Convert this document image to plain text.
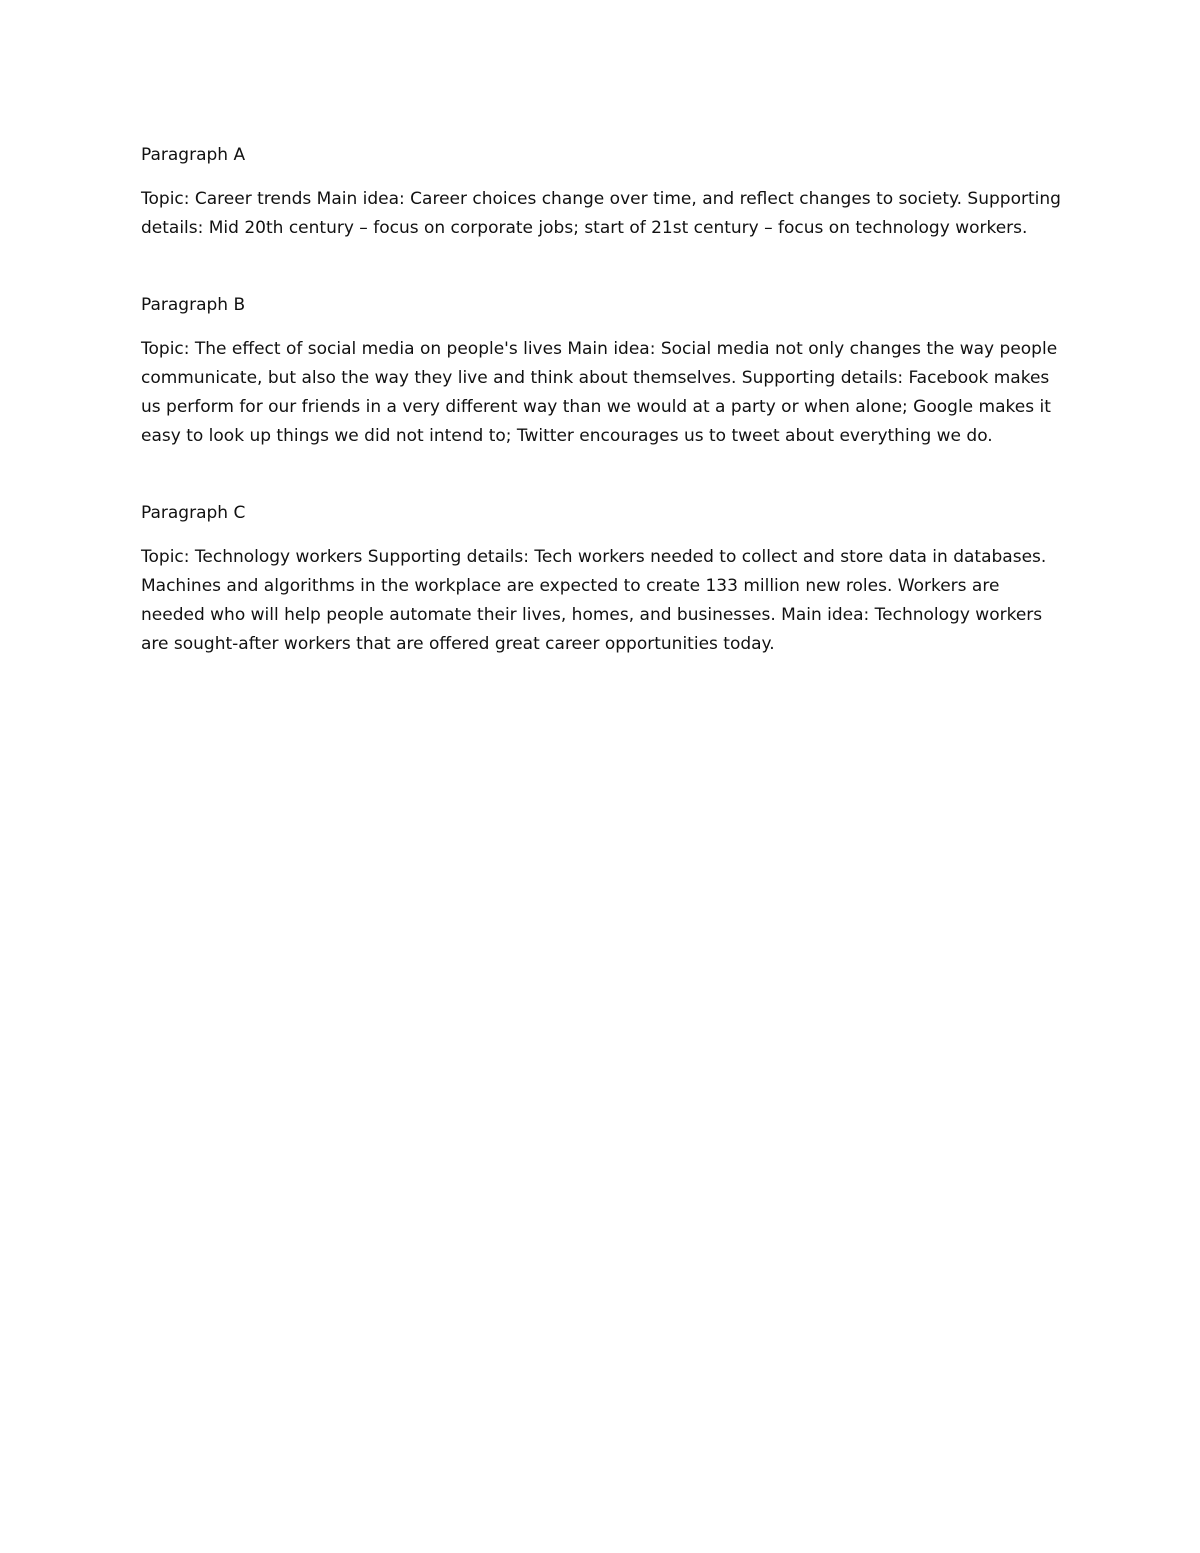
Paragraph A

Topic: Career trends Main idea: Career choices change over time, and reflect changes to society. Supporting details: Mid 20th century – focus on corporate jobs; start of 21st century – focus on technology workers.

Paragraph B

Topic: The effect of social media on people's lives Main idea: Social media not only changes the way people communicate, but also the way they live and think about themselves. Supporting details: Facebook makes us perform for our friends in a very different way than we would at a party or when alone; Google makes it easy to look up things we did not intend to; Twitter encourages us to tweet about everything we do.

Paragraph C

Topic: Technology workers Supporting details: Tech workers needed to collect and store data in databases. Machines and algorithms in the workplace are expected to create 133 million new roles. Workers are needed who will help people automate their lives, homes, and businesses. Main idea: Technology workers are sought-after workers that are offered great career opportunities today.
